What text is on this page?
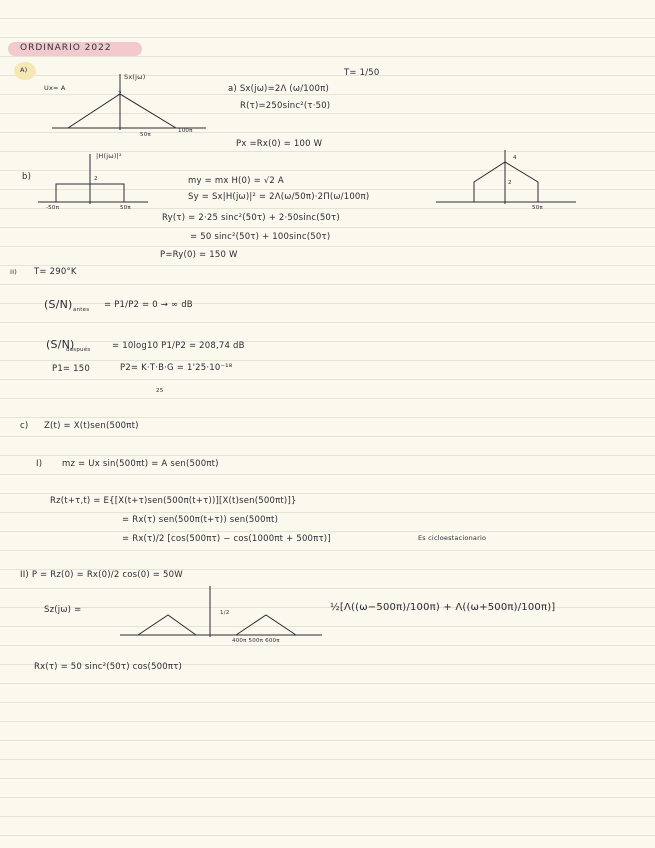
ORDINARIO 2022
A)	T= 1/50
Sx(jω)
Ux= A
2
50π
100π
a) Sx(jω)=2Λ (ω/100π)
R(τ)=250sinc²(τ·50)
Px =Rx(0) = 100 W
|H(jω)|²
b)	2
-50π	50π
my = mx H(0) = √2 A
Sy = Sx|H(jω)|² = 2Λ(ω/50π)·2Π(ω/100π)
Ry(τ) = 2·25 sinc²(50τ) + 2·50sinc(50τ)
= 50 sinc²(50τ) + 100sinc(50τ)
P=Ry(0) = 150 W
4
2
50π
II) T= 290°K
(S/N) antes = P1/P2 = 0 → ∞ dB
(S/N)
después	= 10log10 P1/P2 = 208,74 dB
P1= 150	P2= K·T·B·G = 1'25·10⁻¹⁸
25
c) Z(t) = X(t)sen(500πt)
I) mz = Ux sin(500πt) = A sen(500πt)
Rz(t+τ,t) = E{[X(t+τ)sen(500π(t+τ))][X(t)sen(500πt)]}
= Rx(τ) sen(500π(t+τ)) sen(500πt)
= Rx(τ)/2 [cos(500πτ) − cos(1000πt + 500πτ)]	Es cicloestacionario
II) P = Rz(0) = Rx(0)/2 cos(0) = 50W
Sz(jω) =	1/2
400π 500π 600π
½[Λ((ω−500π)/100π) + Λ((ω+500π)/100π)]
Rx(τ) = 50 sinc²(50τ) cos(500πτ)
